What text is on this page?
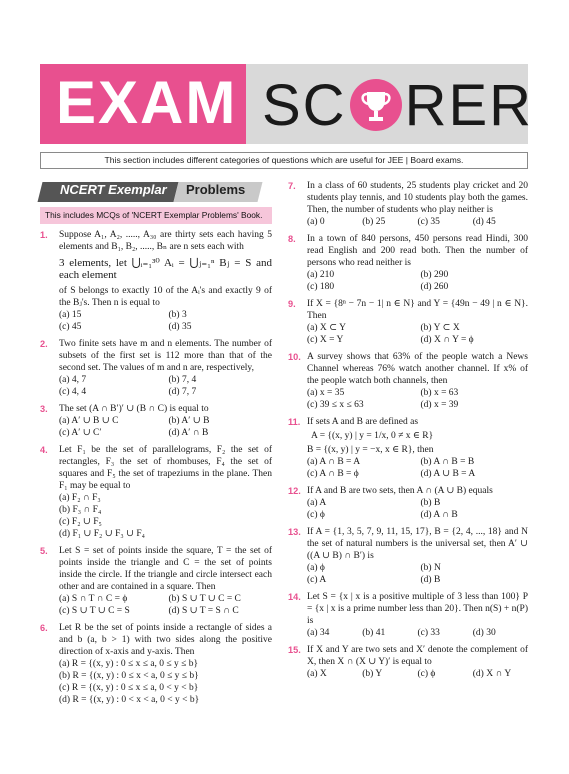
EXAM SC RER
This section includes different categories of questions which are useful for JEE | Board exams.
NCERT Exemplar Problems
This includes MCQs of 'NCERT Exemplar Problems' Book.
1. Suppose A₁, A₂, ....., A₃₀ are thirty sets each having 5 elements and B₁, B₂, ....., Bₙ are n sets each with
3 elements, let ⋃ᵢ₌₁³⁰ Aᵢ = ⋃ⱼ₌₁ⁿ Bⱼ = S and each element
of S belongs to exactly 10 of the Aᵢ's and exactly 9 of the Bⱼ's. Then n is equal to
(a) 15	(b) 3
(c) 45	(d) 35
2. Two finite sets have m and n elements. The number of subsets of the first set is 112 more than that of the second set. The values of m and n are, respectively,
(a) 4, 7	(b) 7, 4
(c) 4, 4	(d) 7, 7
3. The set (A ∩ B′)′ ∪ (B ∩ C) is equal to
(a) A′ ∪ B ∪ C	(b) A′ ∪ B
(c) A′ ∪ C′	(d) A′ ∩ B
4. Let F₁ be the set of parallelograms, F₂ the set of rectangles, F₃ the set of rhombuses, F₄ the set of squares and F₅ the set of trapeziums in the plane. Then F₁ may be equal to
(a) F₂ ∩ F₃
(b) F₃ ∩ F₄
(c) F₂ ∪ F₅
(d) F₁ ∪ F₂ ∪ F₃ ∪ F₄
5. Let S = set of points inside the square, T = the set of points inside the triangle and C = the set of points inside the circle. If the triangle and circle intersect each other and are contained in a square. Then
(a) S ∩ T ∩ C = ϕ	(b) S ∪ T ∪ C = C
(c) S ∪ T ∪ C = S	(d) S ∪ T = S ∩ C
6. Let R be the set of points inside a rectangle of sides a and b (a, b > 1) with two sides along the positive direction of x-axis and y-axis. Then
(a) R = {(x, y) : 0 ≤ x ≤ a, 0 ≤ y ≤ b}
(b) R = {(x, y) : 0 ≤ x < a, 0 ≤ y ≤ b}
(c) R = {(x, y) : 0 ≤ x ≤ a, 0 < y < b}
(d) R = {(x, y) : 0 < x < a, 0 < y < b}
7. In a class of 60 students, 25 students play cricket and 20 students play tennis, and 10 students play both the games. Then, the number of students who play neither is
(a) 0	(b) 25	(c) 35	(d) 45
8. In a town of 840 persons, 450 persons read Hindi, 300 read English and 200 read both. Then the number of persons who read neither is
(a) 210	(b) 290
(c) 180	(d) 260
9. If X = {8ⁿ − 7n − 1| n ∈ N} and Y = {49n − 49 | n ∈ N}. Then
(a) X ⊂ Y	(b) Y ⊂ X
(c) X = Y	(d) X ∩ Y = ϕ
10. A survey shows that 63% of the people watch a News Channel whereas 76% watch another channel. If x% of the people watch both channels, then
(a) x = 35	(b) x = 63
(c) 39 ≤ x ≤ 63	(d) x = 39
11. If sets A and B are defined as
A = {(x, y) | y = 1/x, 0 ≠ x ∈ R}
B = {(x, y) | y = −x, x ∈ R}, then
(a) A ∩ B = A	(b) A ∩ B = B
(c) A ∩ B = ϕ	(d) A ∪ B = A
12. If A and B are two sets, then A ∩ (A ∪ B) equals
(a) A	(b) B
(c) ϕ	(d) A ∩ B
13. If A = {1, 3, 5, 7, 9, 11, 15, 17}, B = {2, 4, ..., 18} and N the set of natural numbers is the universal set, then A′ ∪ ((A ∪ B) ∩ B′) is
(a) ϕ	(b) N
(c) A	(d) B
14. Let S = {x | x is a positive multiple of 3 less than 100} P = {x | x is a prime number less than 20}. Then n(S) + n(P) is
(a) 34	(b) 41	(c) 33	(d) 30
15. If X and Y are two sets and X′ denote the complement of X, then X ∩ (X ∪ Y)′ is equal to
(a) X	(b) Y	(c) ϕ	(d) X ∩ Y
